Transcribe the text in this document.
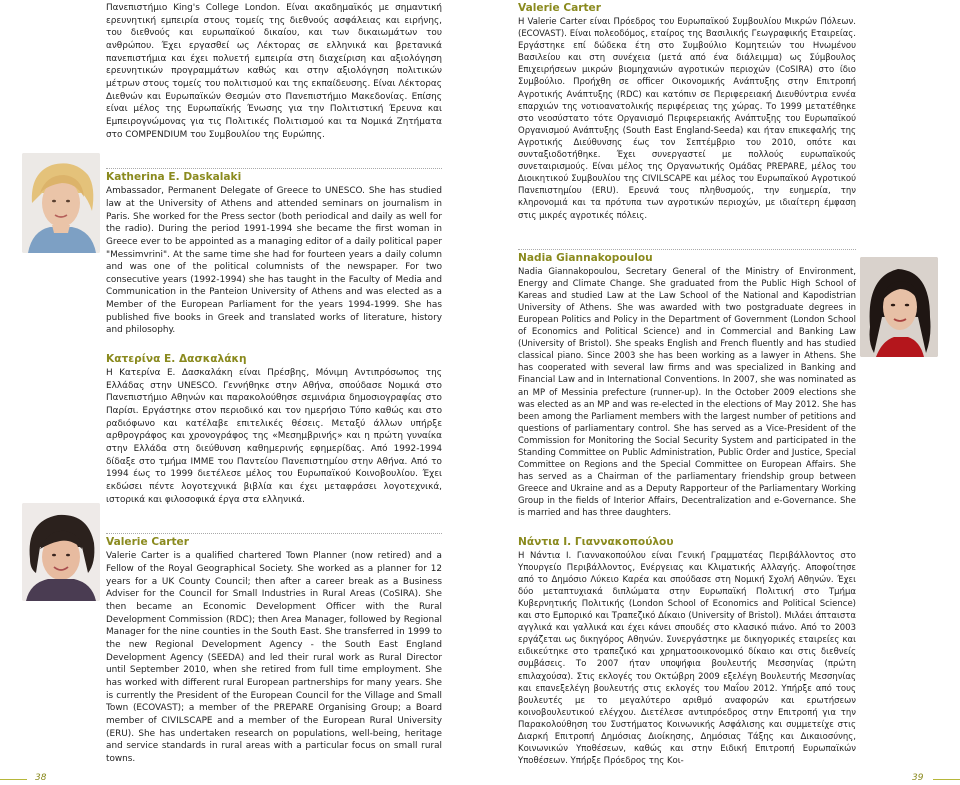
Πανεπιστήμιο King's College London. Είναι ακαδημαϊκός με σημαντική ερευνητική εμπειρία στους τομείς της διεθνούς ασφάλειας και ειρήνης, του διεθνούς και ευρωπαϊκού δικαίου, και των δικαιωμάτων του ανθρώπου. Έχει εργασθεί ως Λέκτορας σε ελληνικά και βρετανικά πανεπιστήμια και έχει πολυετή εμπειρία στη διαχείριση και αξιολόγηση ερευνητικών προγραμμάτων καθώς και στην αξιολόγηση πολιτικών μέτρων στους τομείς του πολιτισμού και της εκπαίδευσης. Είναι Λέκτορας Διεθνών και Ευρωπαϊκών Θεσμών στο Πανεπιστήμιο Μακεδονίας. Επίσης είναι μέλος της Ευρωπαϊκής Ένωσης για την Πολιτιστική Έρευνα και Εμπειρογνώμονας για τις Πολιτικές Πολιτισμού και τα Νομικά Ζητήματα στο COMPENDIUM του Συμβουλίου της Ευρώπης.

Katherina E. Daskalaki

Ambassador, Permanent Delegate of Greece to UNESCO. She has studied law at the University of Athens and attended seminars on journalism in Paris. She worked for the Press sector (both periodical and daily as well for the radio). During the period 1991-1994 she became the first woman in Greece ever to be appointed as a managing editor of a daily political paper "Messimvrini". At the same time she had for fourteen years a daily column and was one of the political columnists of the newspaper. For two consecutive years (1992-1994) she has taught in the Faculty of Media and Communication in the Panteion University of Athens and was elected as a Member of the European Parliament for the years 1994-1999. She has published five books in Greek and translated works of literature, history and philosophy.

Κατερίνα Ε. Δασκαλάκη

Η Κατερίνα Ε. Δασκαλάκη είναι Πρέσβης, Μόνιμη Αντιπρόσωπος της Ελλάδας στην UNESCO. Γεννήθηκε στην Αθήνα, σπούδασε Νομικά στο Πανεπιστήμιο Αθηνών και παρακολούθησε σεμινάρια δημοσιογραφίας στο Παρίσι. Εργάστηκε στον περιοδικό και τον ημερήσιο Τύπο καθώς και στο ραδιόφωνο και κατέλαβε επιτελικές θέσεις. Μεταξύ άλλων υπήρξε αρθρογράφος και χρονογράφος της «Μεσημβρινής» και η πρώτη γυναίκα στην Ελλάδα στη διεύθυνση καθημερινής εφημερίδας. Από 1992-1994 δίδαξε στο τμήμα ΙΜΜΕ του Παντείου Πανεπιστημίου στην Αθήνα. Από το 1994 έως το 1999 διετέλεσε μέλος του Ευρωπαϊκού Κοινοβουλίου. Έχει εκδώσει πέντε λογοτεχνικά βιβλία και έχει μεταφράσει λογοτεχνικά, ιστορικά και φιλοσοφικά έργα στα ελληνικά.

Valerie Carter

Valerie Carter is a qualified chartered Town Planner (now retired) and a Fellow of the Royal Geographical Society. She worked as a planner for 12 years for a UK County Council; then after a career break as a Business Adviser for the Council for Small Industries in Rural Areas (CoSIRA). She then became an Economic Development Officer with the Rural Development Commission (RDC); then Area Manager, followed by Regional Manager for the nine counties in the South East. She transferred in 1999 to the new Regional Development Agency - the South East England Development Agency (SEEDA) and led their rural work as Rural Director until September 2010, when she retired from full time employment. She has worked with different rural European partnerships for many years. She is currently the President of the European Council for the Village and Small Town (ECOVAST); a member of the PREPARE Organising Group; a Board member of CIVILSCAPE and a member of the European Rural University (ERU). She has undertaken research on populations, well-being, heritage and service standards in rural areas with a particular focus on small rural towns.

Valerie Carter

Η Valerie Carter είναι Πρόεδρος του Ευρωπαϊκού Συμβουλίου Μικρών Πόλεων. (ECOVAST). Είναι πολεοδόμος, εταίρος της Βασιλικής Γεωγραφικής Εταιρείας. Εργάστηκε επί δώδεκα έτη στο Συμβούλιο Κομητειών του Ηνωμένου Βασιλείου και στη συνέχεια (μετά από ένα διάλειμμα) ως Σύμβουλος Επιχειρήσεων μικρών βιομηχανιών αγροτικών περιοχών (CoSIRA) στο ίδιο Συμβούλιο. Προήχθη σε officer Οικονομικής Ανάπτυξης στην Επιτροπή Αγροτικής Ανάπτυξης (RDC) και κατόπιν σε Περιφερειακή Διευθύντρια εννέα επαρχιών της νοτιοανατολικής περιφέρειας της χώρας. Το 1999 μετατέθηκε στο νεοσύστατο τότε Οργανισμό Περιφερειακής Ανάπτυξης του Ευρωπαϊκού Οργανισμού Ανάπτυξης (South East England-Seeda) και ήταν επικεφαλής της Αγροτικής Διεύθυνσης έως τον Σεπτέμβριο του 2010, οπότε και συνταξιοδοτήθηκε. Έχει συνεργαστεί με πολλούς ευρωπαϊκούς συνεταιρισμούς. Είναι μέλος της Οργανωτικής Ομάδας PREPARE, μέλος του Διοικητικού Συμβουλίου της CIVILSCAPE και μέλος του Ευρωπαϊκού Αγροτικού Πανεπιστημίου (ERU). Ερευνά τους πληθυσμούς, την ευημερία, την κληρονομιά και τα πρότυπα των αγροτικών περιοχών, με ιδιαίτερη έμφαση στις μικρές αγροτικές πόλεις.

Nadia Giannakopoulou

Nadia Giannakopoulou, Secretary General of the Ministry of Environment, Energy and Climate Change. She graduated from the Public High School of Kareas and studied Law at the Law School of the National and Kapodistrian University of Athens. She was awarded with two postgraduate degrees in European Politics and Policy in the Department of Government (London School of Economics and Political Science) and in Commercial and Banking Law (University of Bristol). She speaks English and French fluently and has studied classical piano. Since 2003 she has been working as a lawyer in Athens. She has cooperated with several law firms and was specialized in Banking and Financial Law and in International Conventions. In 2007, she was nominated as an MP of Messinia prefecture (runner-up). In the October 2009 elections she was elected as an MP and was re-elected in the elections of May 2012. She has been among the Parliament members with the largest number of petitions and questions of parliamentary control. She has served as a Vice-President of the Commission for Monitoring the Social Security System and participated in the Standing Committee on Public Administration, Public Order and Justice, Special Committee on Regions and the Special Committee on European Affairs. She has served as a Chairman of the parliamentary friendship group between Greece and Ukraine and as a Deputy Rapporteur of the Parliamentary Working Group in the fields of Interior Affairs, Decentralization and e-Governance. She is married and has three daughters.

Νάντια Ι. Γιαννακοπούλου

Η Νάντια Ι. Γιαννακοπούλου είναι Γενική Γραμματέας Περιβάλλοντος στο Υπουργείο Περιβάλλοντος, Ενέργειας και Κλιματικής Αλλαγής. Αποφοίτησε από το Δημόσιο Λύκειο Καρέα και σπούδασε στη Νομική Σχολή Αθηνών. Έχει δύο μεταπτυχιακά διπλώματα στην Ευρωπαϊκή Πολιτική στο Τμήμα Κυβερνητικής Πολιτικής (London School of Economics and Political Science) και στο Εμπορικό και Τραπεζικό Δίκαιο (University of Bristol). Μιλάει άπταιστα αγγλικά και γαλλικά και έχει κάνει σπουδές στο κλασικό πιάνο. Από το 2003 εργάζεται ως δικηγόρος Αθηνών. Συνεργάστηκε με δικηγορικές εταιρείες και ειδικεύτηκε στο τραπεζικό και χρηματοοικονομικό δίκαιο και στις διεθνείς συμβάσεις. Το 2007 ήταν υποψήφια βουλευτής Μεσσηνίας (πρώτη επιλαχούσα). Στις εκλογές του Οκτώβρη 2009 εξελέγη Βουλευτής Μεσσηνίας και επανεξελέγη βουλευτής στις εκλογές του Μαΐου 2012. Υπήρξε από τους βουλευτές με το μεγαλύτερο αριθμό αναφορών και ερωτήσεων κοινοβουλευτικού ελέγχου. Διετέλεσε αντιπρόεδρος στην Επιτροπή για την Παρακολούθηση του Συστήματος Κοινωνικής Ασφάλισης και συμμετείχε στις Διαρκή Επιτροπή Δημόσιας Διοίκησης, Δημόσιας Τάξης και Δικαιοσύνης, Κοινωνικών Υποθέσεων, καθώς και στην Ειδική Επιτροπή Ευρωπαϊκών Υποθέσεων. Υπήρξε Πρόεδρος της Κοι-

38	39
